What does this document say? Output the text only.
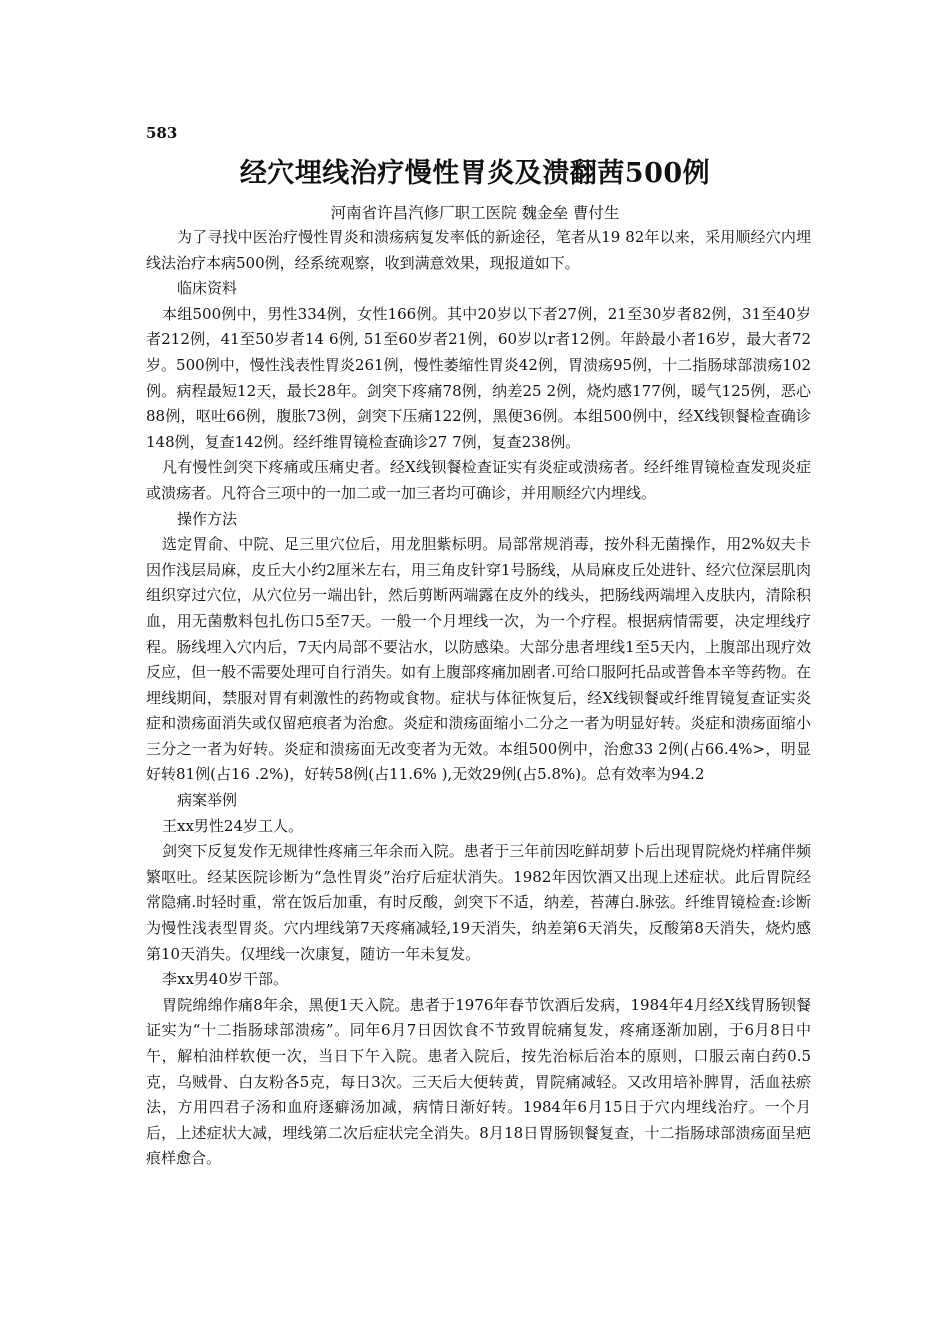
583
经穴埋线治疗慢性胃炎及溃翻茜500例
河南省许昌汽修厂职工医院 魏金垒 曹付生

为了寻找中医治疗慢性胃炎和溃疡病复发率低的新途径，笔者从19 82年以来，采用顺经穴内埋线法治疗本病500例，经系统观察，收到满意效果，现报道如下。

临床资料

本组500例中，男性334例，女性166例。其中20岁以下者27例，21至30岁者82例，31至40岁者212例，41至50岁者14 6例, 51至60岁者21例，60岁以r者12例。年龄最小者16岁，最大者72岁。500例中，慢性浅表性胃炎261例，慢性萎缩性胃炎42例，胃溃疡95例，十二指肠球部溃疡102例。病程最短12天，最长28年。剑突下疼痛78例，纳差25 2例，烧灼感177例，暖气125例，恶心88例，呕吐66例，腹胀73例，剑突下压痛122例，黑便36例。本组500例中，经X线钡餐检查确诊148例，复查142例。经纤维胃镜检查确诊27 7例，复查238例。

凡有慢性剑突下疼痛或压痛史者。经X线钡餐检查证实有炎症或溃疡者。经纤维胃镜检查发现炎症或溃疡者。凡符合三项中的一加二或一加三者均可确诊，并用顺经穴内埋线。

操作方法

选定胃俞、中院、足三里穴位后，用龙胆紫标明。局部常规消毒，按外科无菌操作，用2%奴夫卡因作浅层局麻，皮丘大小约2厘米左右，用三角皮针穿1号肠线，从局麻皮丘处进针、经穴位深层肌肉组织穿过穴位，从穴位另一端出针，然后剪断两端露在皮外的线头，把肠线两端埋入皮肤内，清除积血，用无菌敷料包扎伤口5至7天。一般一个月埋线一次，为一个疗程。根据病情需要，决定埋线疗程。肠线埋入穴内后，7天内局部不要沾水，以防感染。大部分患者埋线1至5天内，上腹部出现疗效反应，但一般不需要处理可自行消失。如有上腹部疼痛加剧者.可给口服阿托品或普鲁本辛等药物。在埋线期间，禁服对胃有刺激性的药物或食物。症状与体征恢复后，经X线钡餐或纤维胃镜复查证实炎症和溃疡面消失或仅留疤痕者为治愈。炎症和溃疡面缩小二分之一者为明显好转。炎症和溃疡面缩小三分之一者为好转。炎症和溃疡面无改变者为无效。本组500例中，治愈33 2例(占66.4%>，明显好转81例(占16 .2%)，好转58例(占11.6% ),无效29例(占5.8%)。总有效率为94.2

病案举例

王xx男性24岁工人。

剑突下反复发作无规律性疼痛三年余而入院。患者于三年前因吃鲜胡萝卜后出现胃院烧灼样痛伴频繁呕吐。经某医院诊断为“急性胃炎”治疗后症状消失。1982年因饮酒又出现上述症状。此后胃院经常隐痛.时轻时重，常在饭后加重，有时反酸，剑突下不适，纳差，苔薄白.脉弦。纤维胃镜检查:诊断为慢性浅表型胃炎。穴内埋线第7天疼痛减轻,19天消失，纳差第6天消失，反酸第8天消失，烧灼感第10天消失。仅埋线一次康复，随访一年未复发。

李xx男40岁干部。

胃院绵绵作痛8年余，黑便1天入院。患者于1976年春节饮酒后发病，1984年4月经X线胃肠钡餐证实为“十二指肠球部溃疡”。同年6月7日因饮食不节致胃皖痛复发，疼痛逐渐加剧，于6月8日中午，解柏油样软便一次，当日下午入院。患者入院后，按先治标后治本的原则，口服云南白药0.5克，乌贼骨、白友粉各5克，每日3次。三天后大便转黄，胃院痛减轻。又改用培补脾胃，活血祛瘀法，方用四君子汤和血府逐癖汤加减，病情日渐好转。1984年6月15日于穴内埋线治疗。一个月后，上述症状大减，埋线第二次后症状完全消失。8月18日胃肠钡餐复查，十二指肠球部溃疡面呈疤痕样愈合。
